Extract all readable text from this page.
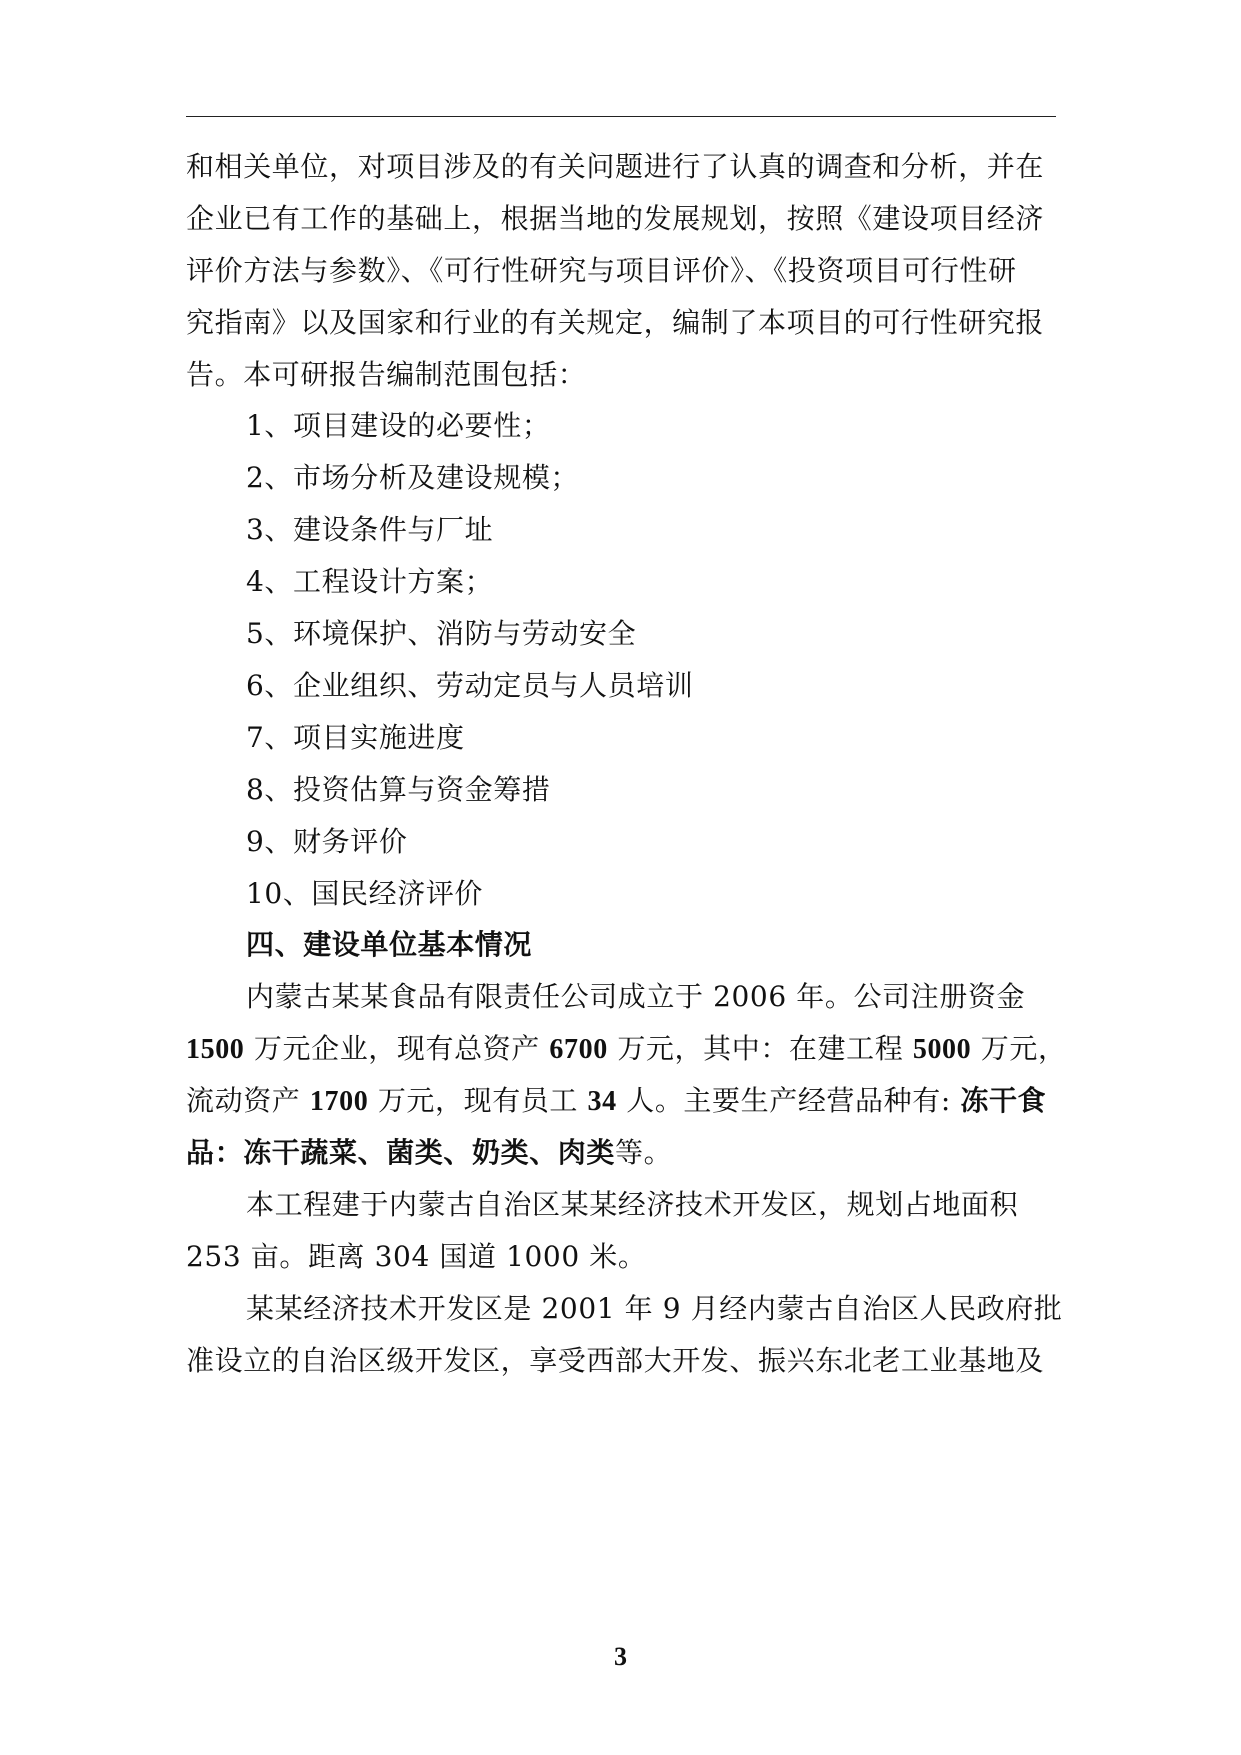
和相关单位，对项目涉及的有关问题进行了认真的调查和分析，并在
企业已有工作的基础上，根据当地的发展规划，按照《建设项目经济
评价方法与参数》、《可行性研究与项目评价》、《投资项目可行性研
究指南》以及国家和行业的有关规定，编制了本项目的可行性研究报
告。本可研报告编制范围包括：
1、项目建设的必要性；
2、市场分析及建设规模；
3、建设条件与厂址
4、工程设计方案；
5、环境保护、消防与劳动安全
6、企业组织、劳动定员与人员培训
7、项目实施进度
8、投资估算与资金筹措
9、财务评价
10、国民经济评价
四、建设单位基本情况
内蒙古某某食品有限责任公司成立于 2006 年。公司注册资金
1500 万元企业，现有总资产 6700 万元，其中：在建工程 5000 万元，
流动资产 1700 万元，现有员工 34 人。主要生产经营品种有: 冻干食
品：冻干蔬菜、菌类、奶类、肉类等。
本工程建于内蒙古自治区某某经济技术开发区，规划占地面积
253 亩。距离 304 国道 1000 米。
某某经济技术开发区是 2001 年 9 月经内蒙古自治区人民政府批
准设立的自治区级开发区，享受西部大开发、振兴东北老工业基地及
3
